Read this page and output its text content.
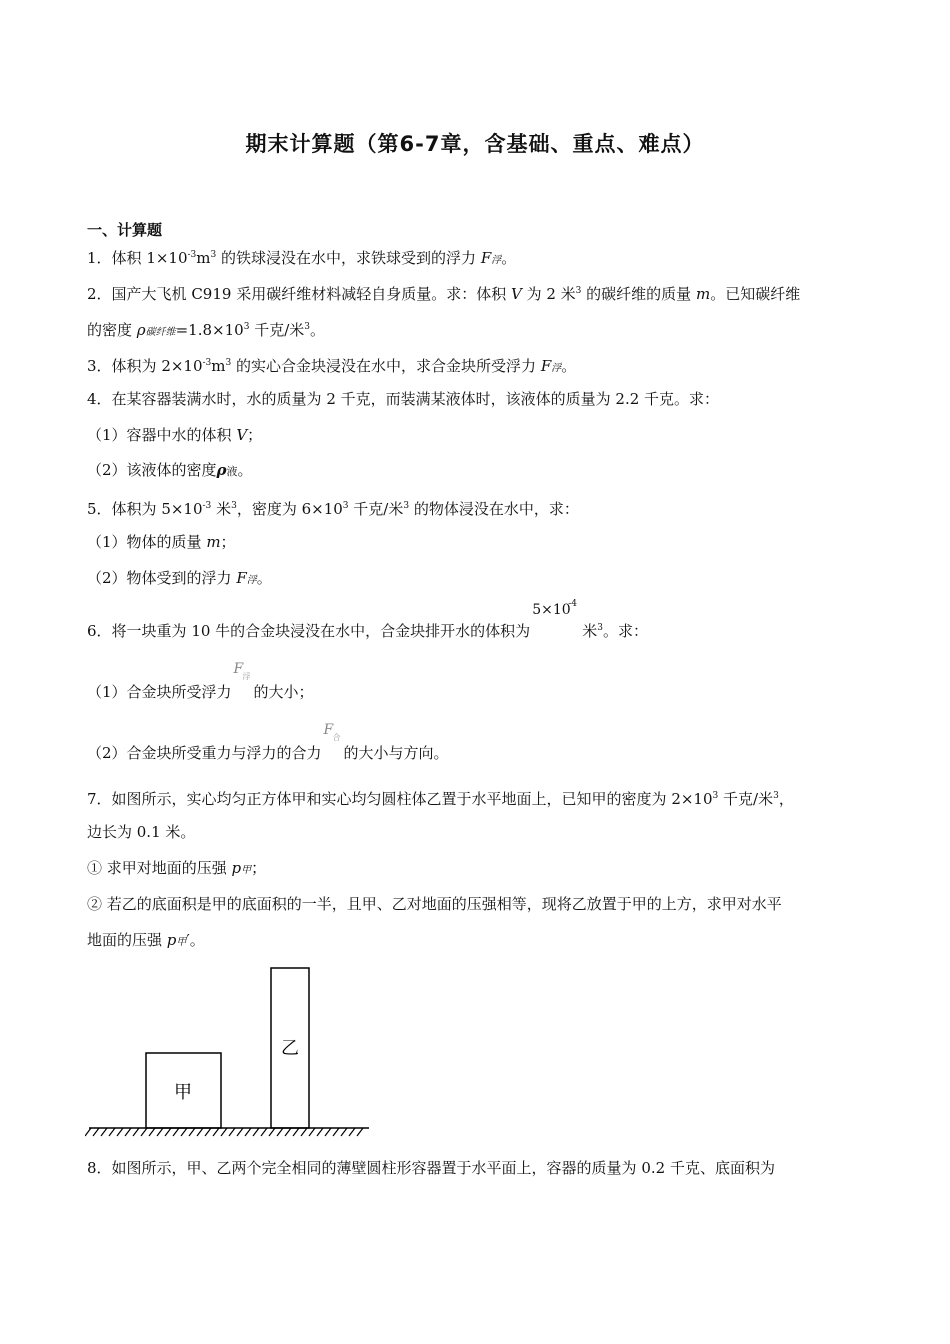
期末计算题（第6-7章，含基础、重点、难点）
一、计算题
1．体积 $1\times 10^{-3}m^3$ 的铁球浸没在水中，求铁球受到的浮力 F浮。
2．国产大飞机 C919 采用碳纤维材料减轻自身质量。求：体积 V 为 2 米$^3$ 的碳纤维的质量 m。已知碳纤维
的密度 ρ碳纤维$=1.8\times 10^3$ 千克/米$^3$。
3．体积为 $2\times 10^{-3}m^3$ 的实心合金块浸没在水中，求合金块所受浮力 F浮。
4．在某容器装满水时，水的质量为 2 千克，而装满某液体时，该液体的质量为 2.2 千克。求：
（1）容器中水的体积 V；
（2）该液体的密度ρ液。
5．体积为 $5\times 10^{-3}$ 米$^3$，密度为 $6\times 10^3$ 千克/米$^3$ 的物体浸没在水中，求：
（1）物体的质量 m；
（2）物体受到的浮力 F浮。
6．将一块重为 10 牛的合金块浸没在水中，合金块排开水的体积为
5×10
-4
米$^3$。求：
（1）合金块所受浮力
F 浮
的大小；
（2）合金块所受重力与浮力的合力
F 合
的大小与方向。
7．如图所示，实心均匀正方体甲和实心均匀圆柱体乙置于水平地面上，已知甲的密度为 $2\times 10^3$ 千克/米$^3$，
边长为 0.1 米。
① 求甲对地面的压强 p甲；
② 若乙的底面积是甲的底面积的一半，且甲、乙对地面的压强相等，现将乙放置于甲的上方，求甲对水平
地面的压强 p甲′。
甲
乙
8．如图所示，甲、乙两个完全相同的薄壁圆柱形容器置于水平面上，容器的质量为 0.2 千克、底面积为
